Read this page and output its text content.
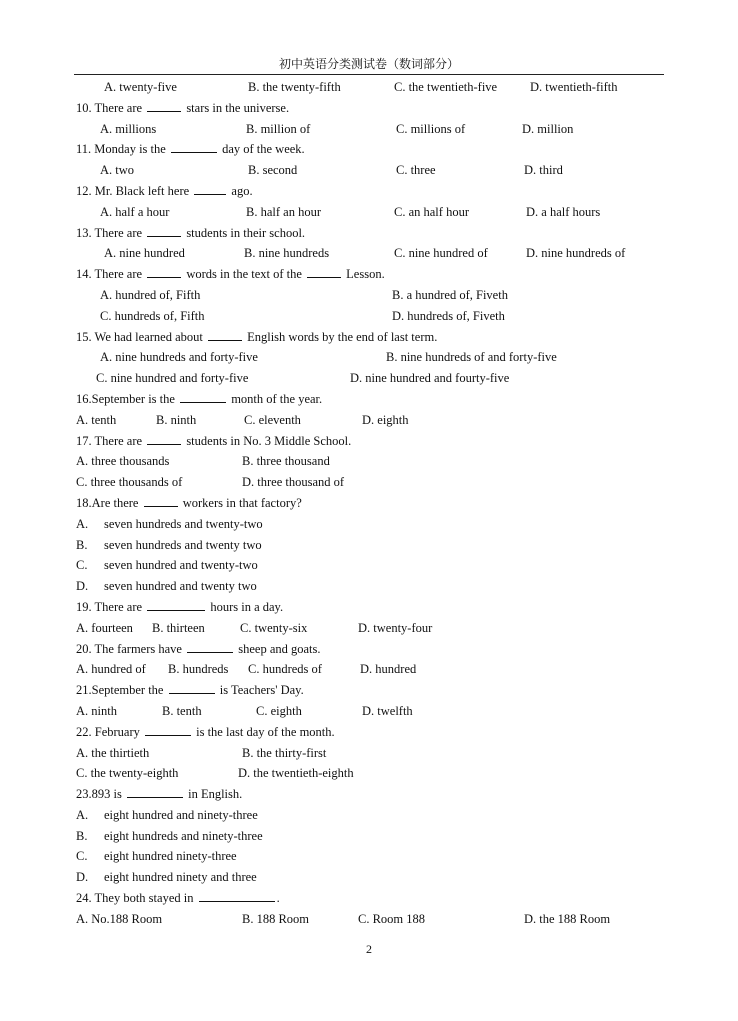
初中英语分类测试卷（数词部分）
A. twenty-five	B. the twenty-fifth	C. the twentieth-five	D. twentieth-fifth
10. There are	stars in the universe.
A. millions	B. million of	C. millions of	D. million
11. Monday is the	day of the week.
A. two	B. second	C. three	D. third
12. Mr. Black left here	ago.
A. half a hour	B. half an hour	C. an half hour	D. a half hours
13. There are	students in their school.
A. nine hundred	B. nine hundreds	C. nine hundred of	D. nine hundreds of
14. There are	words in the text of the	Lesson.
A. hundred of, Fifth	B. a hundred of, Fiveth
C. hundreds of, Fifth	D. hundreds of, Fiveth
15. We had learned about	English words by the end of last term.
A. nine hundreds and forty-five	B. nine hundreds of and forty-five
C. nine hundred and forty-five	D. nine hundred and fourty-five
16.September is the	month of the year.
A. tenth	B. ninth	C. eleventh	D. eighth
17. There are	students in No. 3 Middle School.
A. three thousands	B. three thousand
C. three thousands of	D. three thousand of
18.Are there	workers in that factory?
A. seven hundreds and twenty-two
B. seven hundreds and twenty two
C. seven hundred and twenty-two
D. seven hundred and twenty two
19. There are	hours in a day.
A. fourteen B. thirteen	C. twenty-six	D. twenty-four
20. The farmers have	sheep and goats.
A. hundred of B. hundreds C. hundreds of	D. hundred
21.September the	is Teachers' Day.
A. ninth	B. tenth	C. eighth	D. twelfth
22. February	is the last day of the month.
A. the thirtieth	B. the thirty-first
C. the twenty-eighth	D. the twentieth-eighth
23.893 is	in English.
A. eight hundred and ninety-three
B. eight hundreds and ninety-three
C. eight hundred ninety-three
D. eight hundred ninety and three
24. They both stayed in	.
A. No.188 Room	B. 188 Room	C. Room 188	D. the 188 Room
2
